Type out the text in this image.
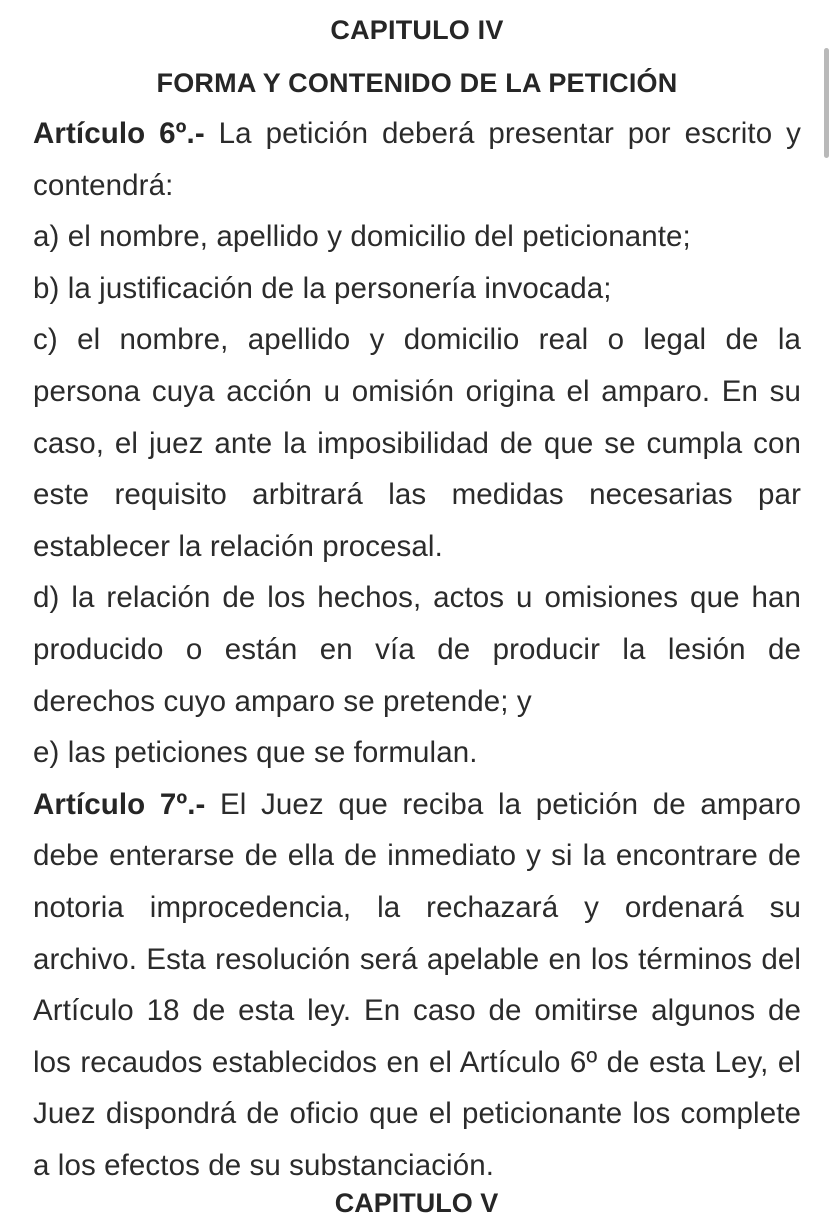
CAPITULO IV
FORMA Y CONTENIDO DE LA PETICIÓN

Artículo 6º.- La petición deberá presentar por escrito y contendrá:

a) el nombre, apellido y domicilio del peticionante;

b) la justificación de la personería invocada;

c) el nombre, apellido y domicilio real o legal de la persona cuya acción u omisión origina el amparo. En su caso, el juez ante la imposibilidad de que se cumpla con este requisito arbitrará las medidas necesarias par establecer la relación procesal.

d) la relación de los hechos, actos u omisiones que han producido o están en vía de producir la lesión de derechos cuyo amparo se pretende; y

e) las peticiones que se formulan.

Artículo 7º.- El Juez que reciba la petición de amparo debe enterarse de ella de inmediato y si la encontrare de notoria improcedencia, la rechazará y ordenará su archivo. Esta resolución será apelable en los términos del Artículo 18 de esta ley. En caso de omitirse algunos de los recaudos establecidos en el Artículo 6º de esta Ley, el Juez dispondrá de oficio que el peticionante los complete a los efectos de su substanciación.

CAPITULO V
